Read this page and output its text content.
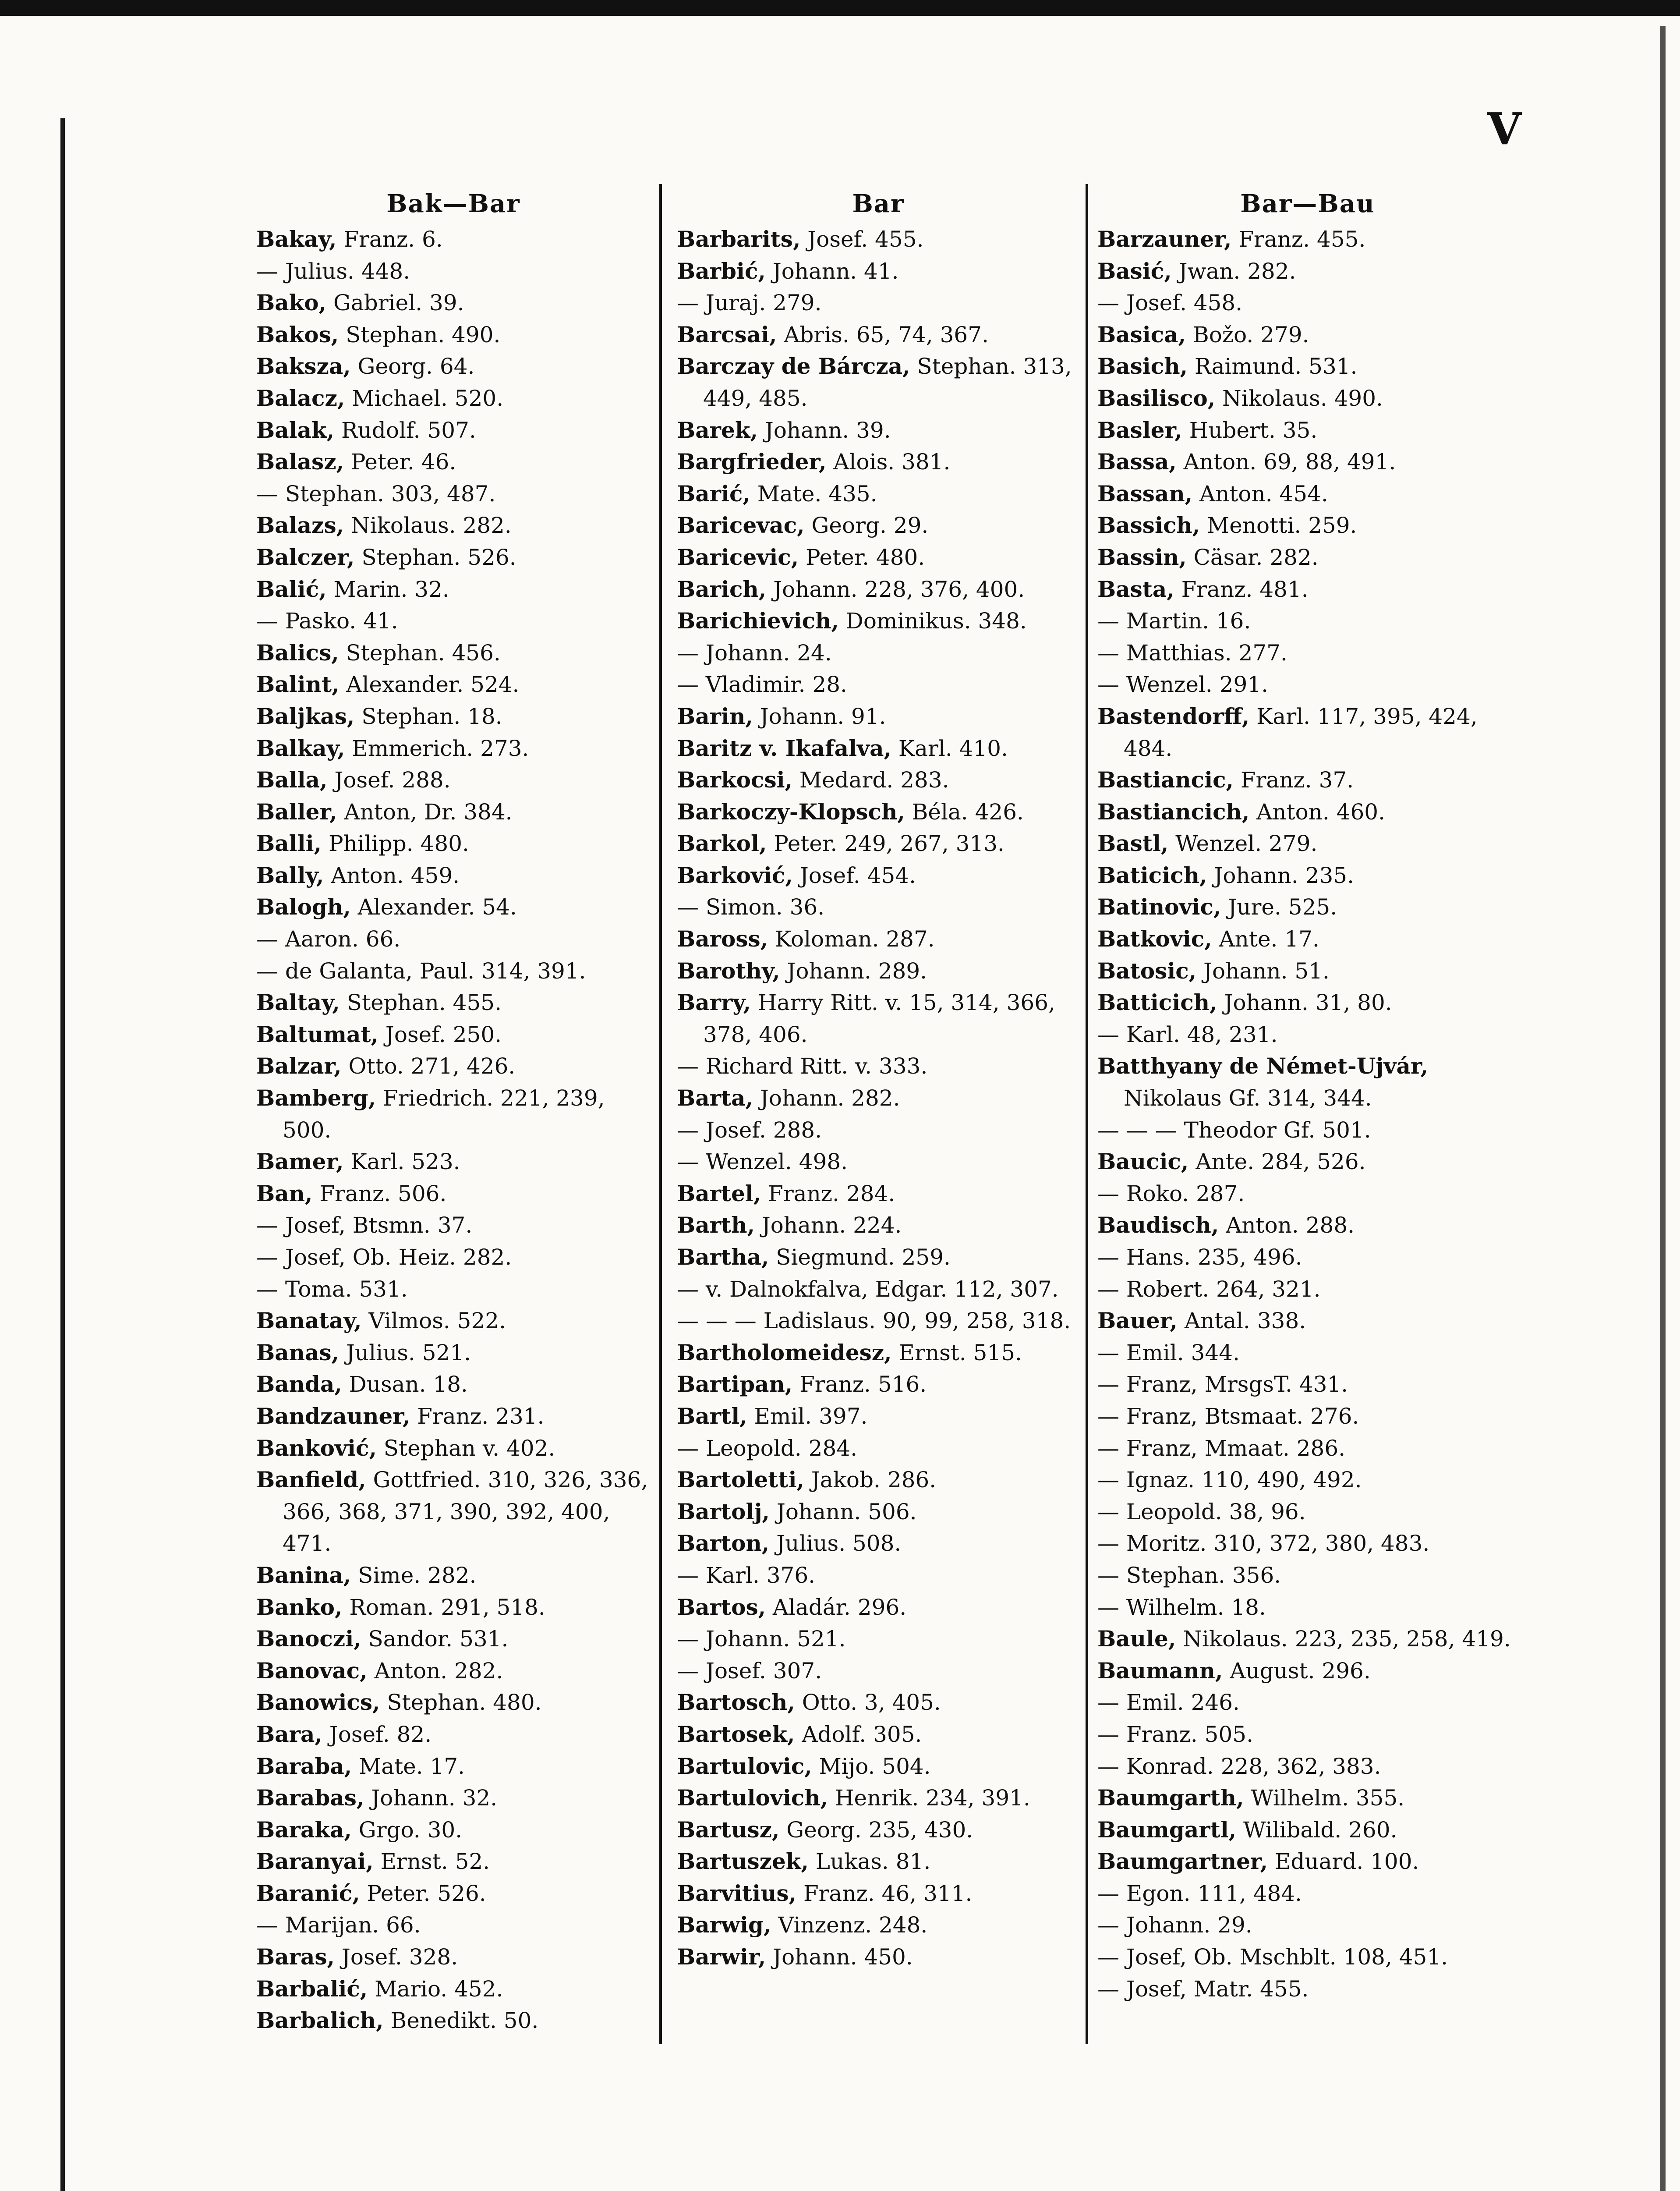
V
Bak—Bar
Bakay, Franz. 6.
— Julius. 448.
Bako, Gabriel. 39.
Bakos, Stephan. 490.
Baksza, Georg. 64.
Balacz, Michael. 520.
Balak, Rudolf. 507.
Balasz, Peter. 46.
— Stephan. 303, 487.
Balazs, Nikolaus. 282.
Balczer, Stephan. 526.
Balić, Marin. 32.
— Pasko. 41.
Balics, Stephan. 456.
Balint, Alexander. 524.
Baljkas, Stephan. 18.
Balkay, Emmerich. 273.
Balla, Josef. 288.
Baller, Anton, Dr. 384.
Balli, Philipp. 480.
Bally, Anton. 459.
Balogh, Alexander. 54.
— Aaron. 66.
— de Galanta, Paul. 314, 391.
Baltay, Stephan. 455.
Baltumat, Josef. 250.
Balzar, Otto. 271, 426.
Bamberg, Friedrich. 221, 239, 500.
Bamer, Karl. 523.
Ban, Franz. 506.
— Josef, Btsmn. 37.
— Josef, Ob. Heiz. 282.
— Toma. 531.
Banatay, Vilmos. 522.
Banas, Julius. 521.
Banda, Dusan. 18.
Bandzauner, Franz. 231.
Banković, Stephan v. 402.
Banfield, Gottfried. 310, 326, 336, 366, 368, 371, 390, 392, 400, 471.
Banina, Sime. 282.
Banko, Roman. 291, 518.
Banoczi, Sandor. 531.
Banovac, Anton. 282.
Banowics, Stephan. 480.
Bara, Josef. 82.
Baraba, Mate. 17.
Barabas, Johann. 32.
Baraka, Grgo. 30.
Baranyai, Ernst. 52.
Baranić, Peter. 526.
— Marijan. 66.
Baras, Josef. 328.
Barbalić, Mario. 452.
Barbalich, Benedikt. 50.
Bar
Barbarits, Josef. 455.
Barbić, Johann. 41.
— Juraj. 279.
Barcsai, Abris. 65, 74, 367.
Barczay de Bárcza, Stephan. 313, 449, 485.
Barek, Johann. 39.
Bargfrieder, Alois. 381.
Barić, Mate. 435.
Baricevac, Georg. 29.
Baricevic, Peter. 480.
Barich, Johann. 228, 376, 400.
Barichievich, Dominikus. 348.
— Johann. 24.
— Vladimir. 28.
Barin, Johann. 91.
Baritz v. Ikafalva, Karl. 410.
Barkocsi, Medard. 283.
Barkoczy-Klopsch, Béla. 426.
Barkol, Peter. 249, 267, 313.
Barković, Josef. 454.
— Simon. 36.
Baross, Koloman. 287.
Barothy, Johann. 289.
Barry, Harry Ritt. v. 15, 314, 366, 378, 406.
— Richard Ritt. v. 333.
Barta, Johann. 282.
— Josef. 288.
— Wenzel. 498.
Bartel, Franz. 284.
Barth, Johann. 224.
Bartha, Siegmund. 259.
— v. Dalnokfalva, Edgar. 112, 307.
— — — Ladislaus. 90, 99, 258, 318.
Bartholomeidesz, Ernst. 515.
Bartipan, Franz. 516.
Bartl, Emil. 397.
— Leopold. 284.
Bartoletti, Jakob. 286.
Bartolj, Johann. 506.
Barton, Julius. 508.
— Karl. 376.
Bartos, Aladár. 296.
— Johann. 521.
— Josef. 307.
Bartosch, Otto. 3, 405.
Bartosek, Adolf. 305.
Bartulovic, Mijo. 504.
Bartulovich, Henrik. 234, 391.
Bartusz, Georg. 235, 430.
Bartuszek, Lukas. 81.
Barvitius, Franz. 46, 311.
Barwig, Vinzenz. 248.
Barwir, Johann. 450.
Bar—Bau
Barzauner, Franz. 455.
Basić, Jwan. 282.
— Josef. 458.
Basica, Božo. 279.
Basich, Raimund. 531.
Basilisco, Nikolaus. 490.
Basler, Hubert. 35.
Bassa, Anton. 69, 88, 491.
Bassan, Anton. 454.
Bassich, Menotti. 259.
Bassin, Cäsar. 282.
Basta, Franz. 481.
— Martin. 16.
— Matthias. 277.
— Wenzel. 291.
Bastendorff, Karl. 117, 395, 424, 484.
Bastiancic, Franz. 37.
Bastiancich, Anton. 460.
Bastl, Wenzel. 279.
Baticich, Johann. 235.
Batinovic, Jure. 525.
Batkovic, Ante. 17.
Batosic, Johann. 51.
Batticich, Johann. 31, 80.
— Karl. 48, 231.
Batthyany de Német-Ujvár, Nikolaus Gf. 314, 344.
— — — Theodor Gf. 501.
Baucic, Ante. 284, 526.
— Roko. 287.
Baudisch, Anton. 288.
— Hans. 235, 496.
— Robert. 264, 321.
Bauer, Antal. 338.
— Emil. 344.
— Franz, MrsgsT. 431.
— Franz, Btsmaat. 276.
— Franz, Mmaat. 286.
— Ignaz. 110, 490, 492.
— Leopold. 38, 96.
— Moritz. 310, 372, 380, 483.
— Stephan. 356.
— Wilhelm. 18.
Baule, Nikolaus. 223, 235, 258, 419.
Baumann, August. 296.
— Emil. 246.
— Franz. 505.
— Konrad. 228, 362, 383.
Baumgarth, Wilhelm. 355.
Baumgartl, Wilibald. 260.
Baumgartner, Eduard. 100.
— Egon. 111, 484.
— Johann. 29.
— Josef, Ob. Mschblt. 108, 451.
— Josef, Matr. 455.
